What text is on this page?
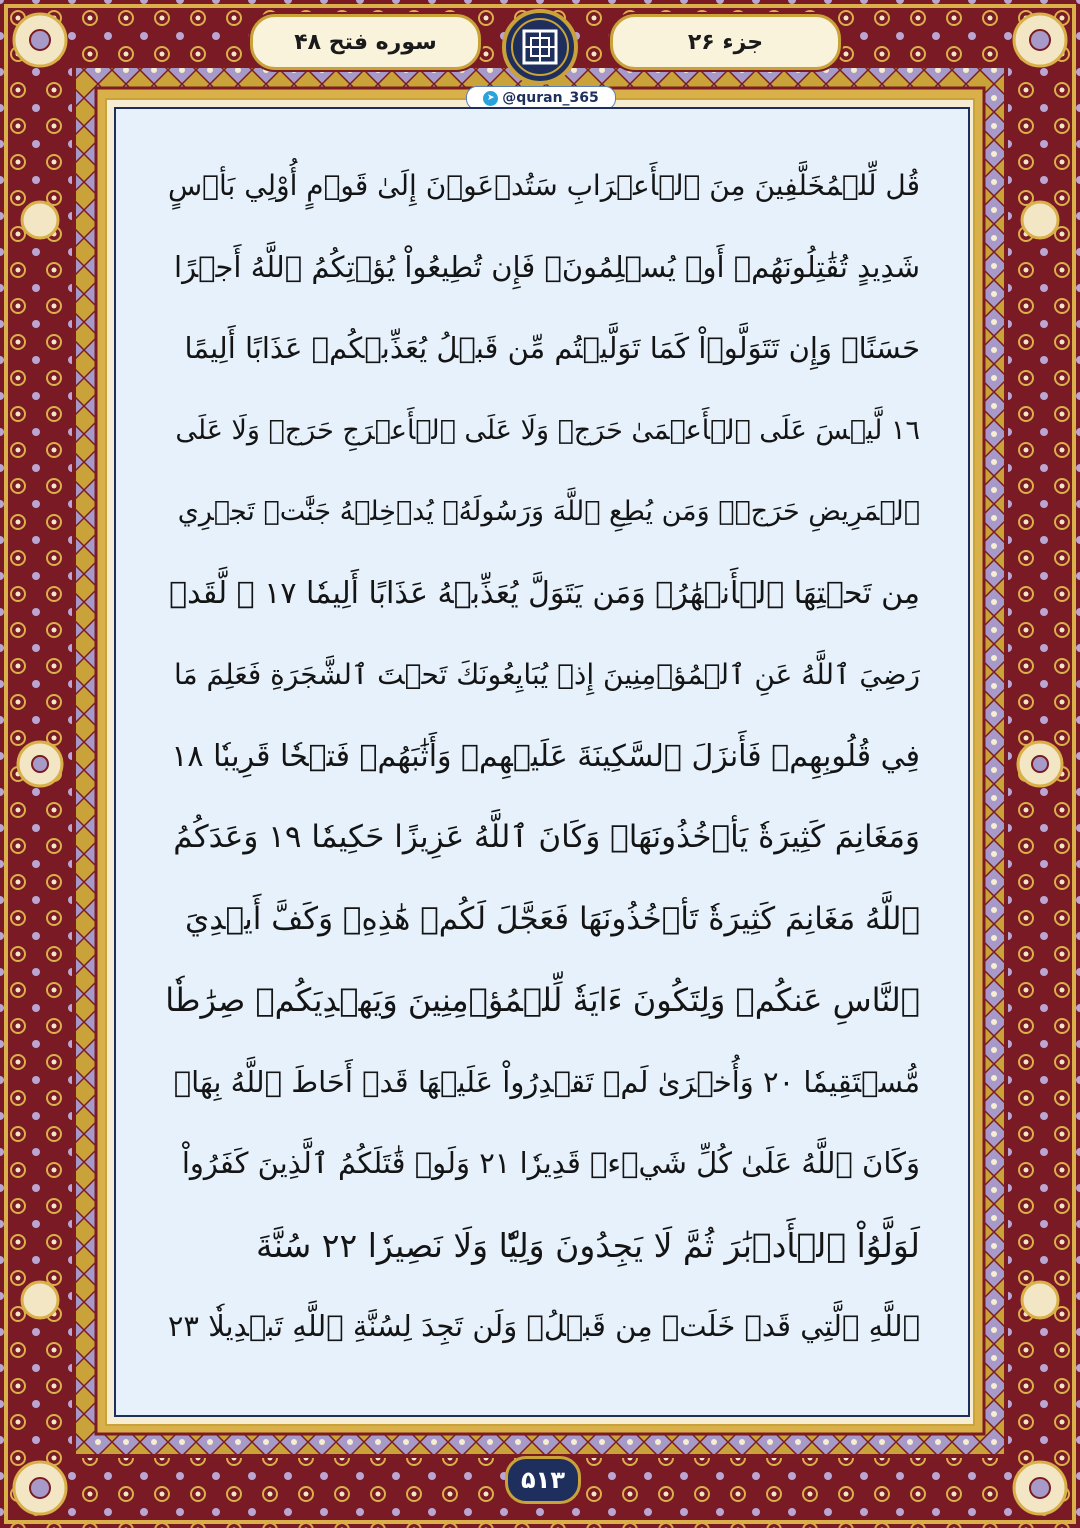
سوره فتح ۴۸	جزء ۲۶
➤ @quran_365
قُل لِّلۡمُخَلَّفِينَ مِنَ ٱلۡأَعۡرَابِ سَتُدۡعَوۡنَ إِلَىٰ قَوۡمٍ أُوْلِي بَأۡسٍ
شَدِيدٍ تُقَٰتِلُونَهُمۡ أَوۡ يُسۡلِمُونَۖ فَإِن تُطِيعُواْ يُؤۡتِكُمُ ٱللَّهُ أَجۡرًا
حَسَنًاۖ وَإِن تَتَوَلَّوۡاْ كَمَا تَوَلَّيۡتُم مِّن قَبۡلُ يُعَذِّبۡكُمۡ عَذَابًا أَلِيمًا
١٦ لَّيۡسَ عَلَى ٱلۡأَعۡمَىٰ حَرَجٞ وَلَا عَلَى ٱلۡأَعۡرَجِ حَرَجٞ وَلَا عَلَى
ٱلۡمَرِيضِ حَرَجٞۗ وَمَن يُطِعِ ٱللَّهَ وَرَسُولَهُۥ يُدۡخِلۡهُ جَنَّٰتٖ تَجۡرِي
مِن تَحۡتِهَا ٱلۡأَنۡهَٰرُۖ وَمَن يَتَوَلَّ يُعَذِّبۡهُ عَذَابًا أَلِيمٗا ١٧ ۞ لَّقَدۡ
رَضِيَ ٱللَّهُ عَنِ ٱلۡمُؤۡمِنِينَ إِذۡ يُبَايِعُونَكَ تَحۡتَ ٱلشَّجَرَةِ فَعَلِمَ مَا
فِي قُلُوبِهِمۡ فَأَنزَلَ ٱلسَّكِينَةَ عَلَيۡهِمۡ وَأَثَٰبَهُمۡ فَتۡحٗا قَرِيبٗا ١٨
وَمَغَانِمَ كَثِيرَةٗ يَأۡخُذُونَهَاۗ وَكَانَ ٱللَّهُ عَزِيزًا حَكِيمٗا ١٩ وَعَدَكُمُ
ٱللَّهُ مَغَانِمَ كَثِيرَةٗ تَأۡخُذُونَهَا فَعَجَّلَ لَكُمۡ هَٰذِهِۦ وَكَفَّ أَيۡدِيَ
ٱلنَّاسِ عَنكُمۡ وَلِتَكُونَ ءَايَةٗ لِّلۡمُؤۡمِنِينَ وَيَهۡدِيَكُمۡ صِرَٰطٗا
مُّسۡتَقِيمٗا ٢٠ وَأُخۡرَىٰ لَمۡ تَقۡدِرُواْ عَلَيۡهَا قَدۡ أَحَاطَ ٱللَّهُ بِهَاۚ
وَكَانَ ٱللَّهُ عَلَىٰ كُلِّ شَيۡءٖ قَدِيرٗا ٢١ وَلَوۡ قَٰتَلَكُمُ ٱلَّذِينَ كَفَرُواْ
لَوَلَّوُاْ ٱلۡأَدۡبَٰرَ ثُمَّ لَا يَجِدُونَ وَلِيّٗا وَلَا نَصِيرٗا ٢٢ سُنَّةَ
ٱللَّهِ ٱلَّتِي قَدۡ خَلَتۡ مِن قَبۡلُۖ وَلَن تَجِدَ لِسُنَّةِ ٱللَّهِ تَبۡدِيلٗا ٢٣
۵۱۳
